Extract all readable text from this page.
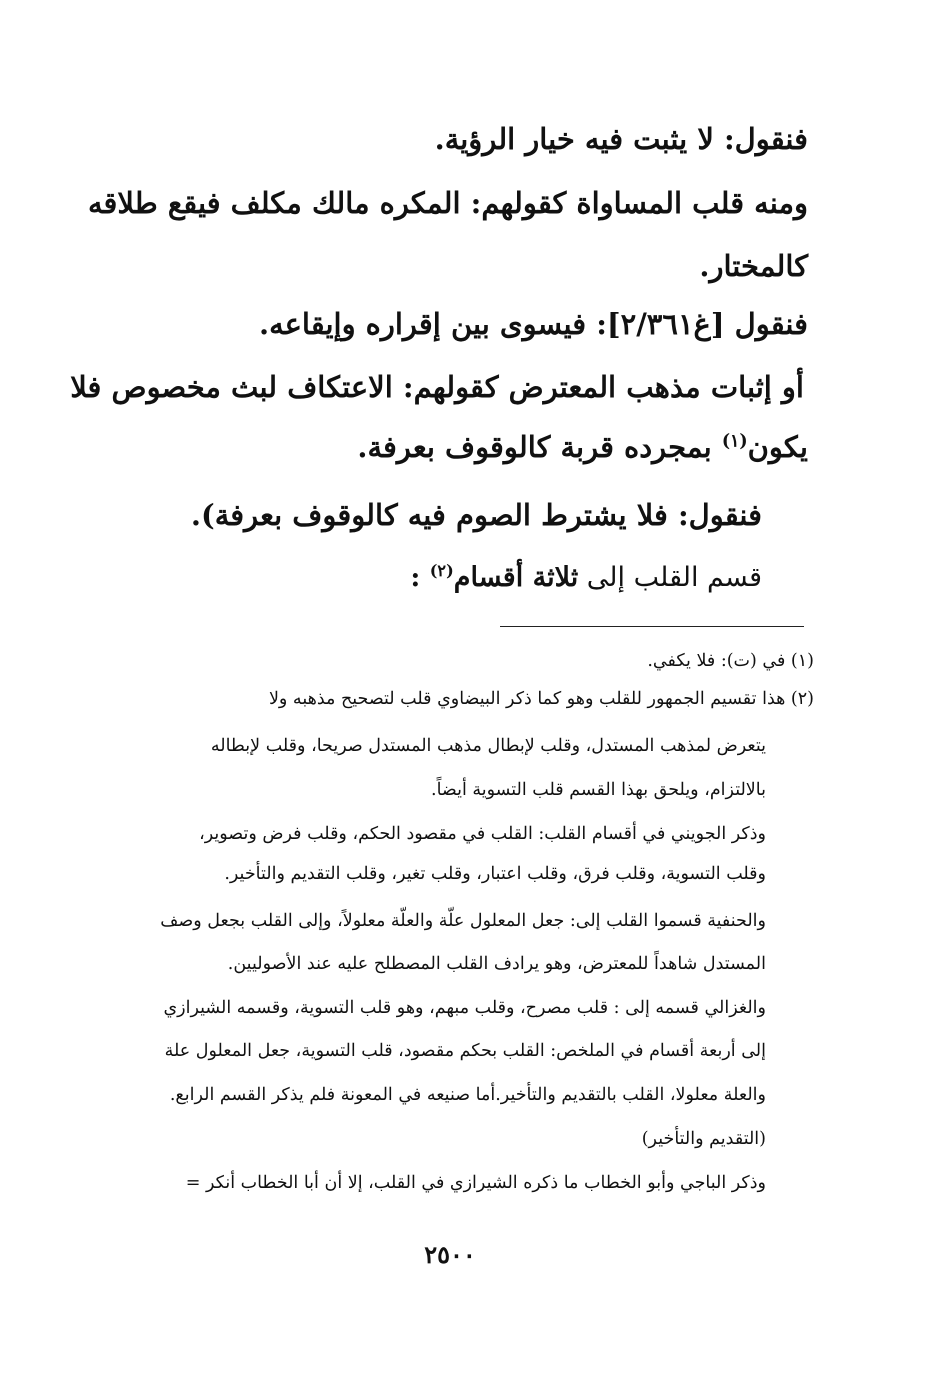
فنقول: لا يثبت فيه خيار الرؤية.
ومنه قلب المساواة كقولهم: المكره مالك مكلف فيقع طلاقه
كالمختار.
فنقول [غ٢/٣٦١]: فيسوى بين إقراره وإيقاعه.
أو إثبات مذهب المعترض كقولهم: الاعتكاف لبث مخصوص فلا
يكون$^{(١)}$ بمجرده قربة كالوقوف بعرفة.
فنقول: فلا يشترط الصوم فيه كالوقوف بعرفة).
قسم القلب إلى ثلاثة أقسام$^{(٢)}$ :
(١) في (ت): فلا يكفي.
(٢) هذا تقسيم الجمهور للقلب وهو كما ذكر البيضاوي قلب لتصحيح مذهبه ولا
يتعرض لمذهب المستدل، وقلب لإبطال مذهب المستدل صريحا، وقلب لإبطاله
بالالتزام، ويلحق بهذا القسم قلب التسوية أيضاً.
وذكر الجويني في أقسام القلب: القلب في مقصود الحكم، وقلب فرض وتصوير،
وقلب التسوية، وقلب فرق، وقلب اعتبار، وقلب تغير، وقلب التقديم والتأخير.
والحنفية قسموا القلب إلى: جعل المعلول علّة والعلّة معلولاً، وإلى القلب بجعل وصف
المستدل شاهداً للمعترض، وهو يرادف القلب المصطلح عليه عند الأصوليين.
والغزالي قسمه إلى : قلب مصرح، وقلب مبهم، وهو قلب التسوية، وقسمه الشيرازي
إلى أربعة أقسام في الملخص: القلب بحكم مقصود، قلب التسوية، جعل المعلول علة
والعلة معلولا، القلب بالتقديم والتأخير.أما صنيعه في المعونة فلم يذكر القسم الرابع.
(التقديم والتأخير)
وذكر الباجي وأبو الخطاب ما ذكره الشيرازي في القلب، إلا أن أبا الخطاب أنكر =
٢٥٠٠
